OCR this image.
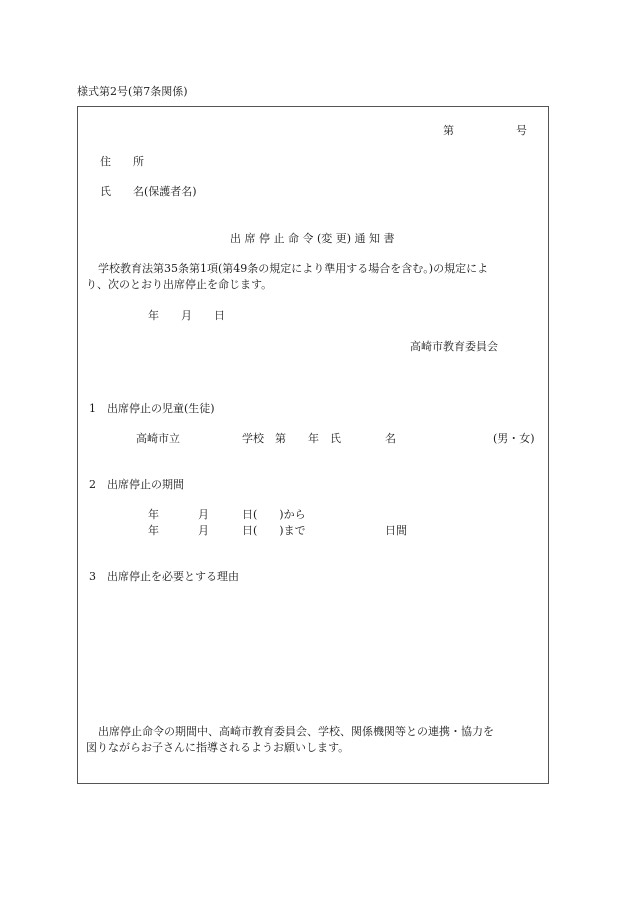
様式第2号(第7条関係)
第	号
住　　所
氏　　名(保護者名)
出 席 停 止 命 令 (変 更) 通 知 書
学校教育法第35条第1項(第49条の規定により準用する場合を含む。)の規定によ
り、次のとおり出席停止を命じます。
年　　月　　日
高崎市教育委員会
1　出席停止の児童(生徒)
高崎市立	学校　第　　年　氏	名	(男・女)
2　出席停止の期間
年	月	日(　　)から
年	月	日(　　)まで	日間
3　出席停止を必要とする理由
出席停止命令の期間中、高崎市教育委員会、学校、関係機関等との連携・協力を
図りながらお子さんに指導されるようお願いします。
